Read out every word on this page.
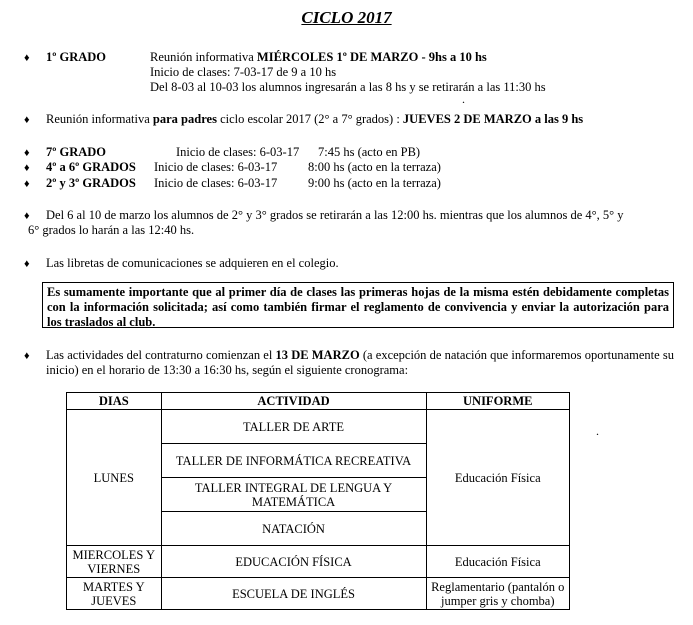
CICLO 2017
♦ 1º GRADO	Reunión informativa MIÉRCOLES 1º DE MARZO - 9hs a 10 hs
Inicio de clases: 7-03-17 de 9 a 10 hs
Del 8-03 al 10-03 los alumnos ingresarán a las 8 hs y se retirarán a las 11:30 hs
.
♦ Reunión informativa para padres ciclo escolar 2017 (2° a 7° grados) : JUEVES 2 DE MARZO a las 9 hs
♦ 7º GRADO	Inicio de clases: 6-03-17 7:45 hs (acto en PB)
♦ 4º a 6º GRADOS Inicio de clases: 6-03-17 8:00 hs (acto en la terraza)
♦ 2º y 3º GRADOS Inicio de clases: 6-03-17 9:00 hs (acto en la terraza)
♦ Del 6 al 10 de marzo los alumnos de 2° y 3° grados se retirarán a las 12:00 hs. mientras que los alumnos de 4°, 5° y
6° grados lo harán a las 12:40 hs.
♦ Las libretas de comunicaciones se adquieren en el colegio.
Es sumamente importante que al primer día de clases las primeras hojas de la misma estén debidamente completas con la información solicitada; así como también firmar el reglamento de convivencia y enviar la autorización para los traslados al club.
♦ Las actividades del contraturno comienzan el 13 DE MARZO (a excepción de natación que informaremos oportunamente su inicio) en el horario de 13:30 a 16:30 hs, según el siguiente cronograma:
.
DIAS	ACTIVIDAD	UNIFORME
LUNES	TALLER DE ARTE	Educación Física
	TALLER DE INFORMÁTICA RECREATIVA	
	TALLER INTEGRAL DE LENGUA Y MATEMÁTICA	
	NATACIÓN	
MIERCOLES Y VIERNES	EDUCACIÓN FÍSICA	Educación Física
MARTES Y JUEVES	ESCUELA DE INGLÉS	Reglamentario (pantalón o jumper gris y chomba)
